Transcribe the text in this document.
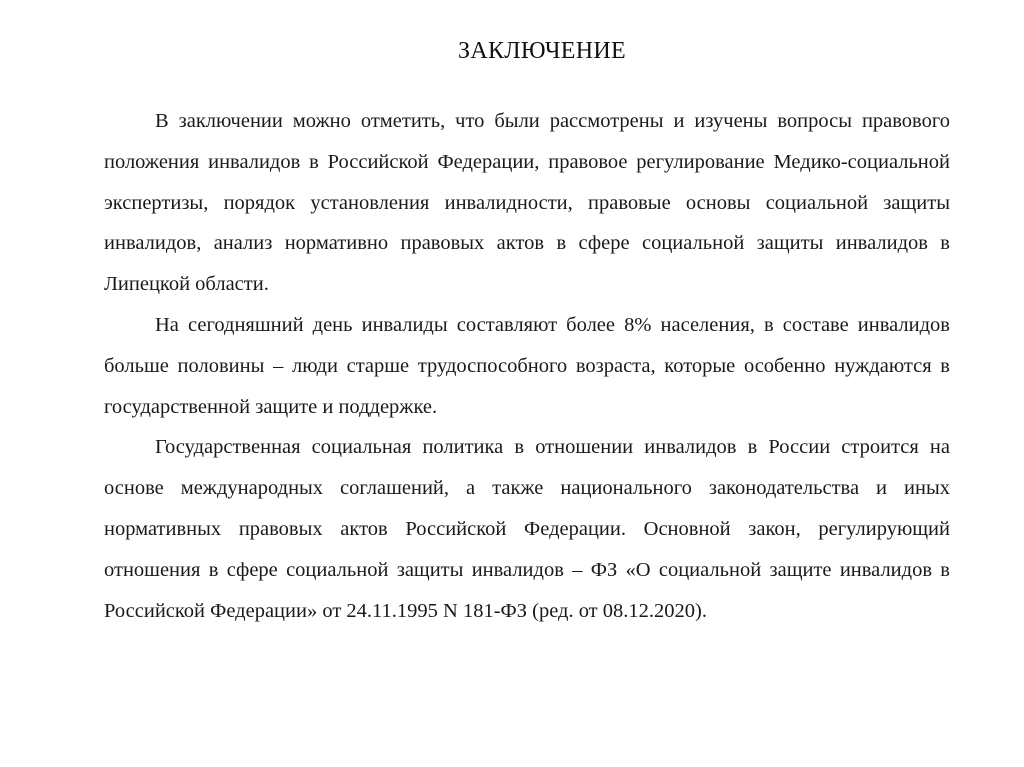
ЗАКЛЮЧЕНИЕ

В заключении можно отметить, что были рассмотрены и изучены вопросы правового положения инвалидов в Российской Федерации, правовое регулирование Медико-социальной экспертизы, порядок установления инвалидности, правовые основы социальной защиты инвалидов, анализ нормативно правовых актов в сфере социальной защиты инвалидов в Липецкой области.

На сегодняшний день инвалиды составляют более 8% населения, в составе инвалидов больше половины – люди старше трудоспособного возраста, которые особенно нуждаются в государственной защите и поддержке.

Государственная социальная политика в отношении инвалидов в России строится на основе международных соглашений, а также национального законодательства и иных нормативных правовых актов Российской Федерации. Основной закон, регулирующий отношения в сфере социальной защиты инвалидов – ФЗ «О социальной защите инвалидов в Российской Федерации» от 24.11.1995 N 181-ФЗ (ред. от 08.12.2020).
